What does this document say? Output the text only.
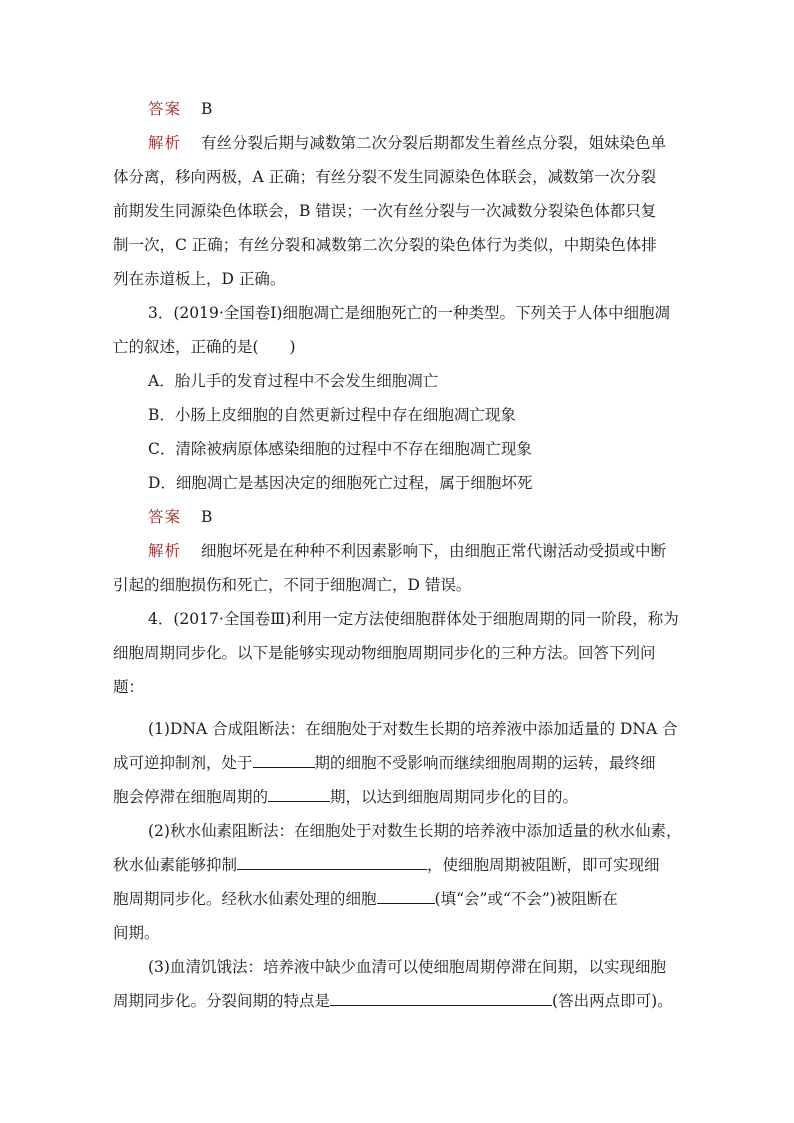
答案 B
解析 有丝分裂后期与减数第二次分裂后期都发生着丝点分裂，姐妹染色单
体分离，移向两极，A 正确；有丝分裂不发生同源染色体联会，减数第一次分裂
前期发生同源染色体联会，B 错误；一次有丝分裂与一次减数分裂染色体都只复
制一次，C 正确；有丝分裂和减数第二次分裂的染色体行为类似，中期染色体排
列在赤道板上，D 正确。
3．(2019·全国卷Ⅰ)细胞凋亡是细胞死亡的一种类型。下列关于人体中细胞凋
亡的叙述，正确的是(　　)
A．胎儿手的发育过程中不会发生细胞凋亡
B．小肠上皮细胞的自然更新过程中存在细胞凋亡现象
C．清除被病原体感染细胞的过程中不存在细胞凋亡现象
D．细胞凋亡是基因决定的细胞死亡过程，属于细胞坏死
答案 B
解析 细胞坏死是在种种不利因素影响下，由细胞正常代谢活动受损或中断
引起的细胞损伤和死亡，不同于细胞凋亡，D 错误。
4．(2017·全国卷Ⅲ)利用一定方法使细胞群体处于细胞周期的同一阶段，称为
细胞周期同步化。以下是能够实现动物细胞周期同步化的三种方法。回答下列问
题：
(1)DNA 合成阻断法：在细胞处于对数生长期的培养液中添加适量的 DNA 合
成可逆抑制剂，处于	期的细胞不受影响而继续细胞周期的运转，最终细
胞会停滞在细胞周期的	期，以达到细胞周期同步化的目的。
(2)秋水仙素阻断法：在细胞处于对数生长期的培养液中添加适量的秋水仙素，
秋水仙素能够抑制	，使细胞周期被阻断，即可实现细
胞周期同步化。经秋水仙素处理的细胞	(填“会”或“不会”)被阻断在
间期。
(3)血清饥饿法：培养液中缺少血清可以使细胞周期停滞在间期，以实现细胞
周期同步化。分裂间期的特点是	(答出两点即可)。
